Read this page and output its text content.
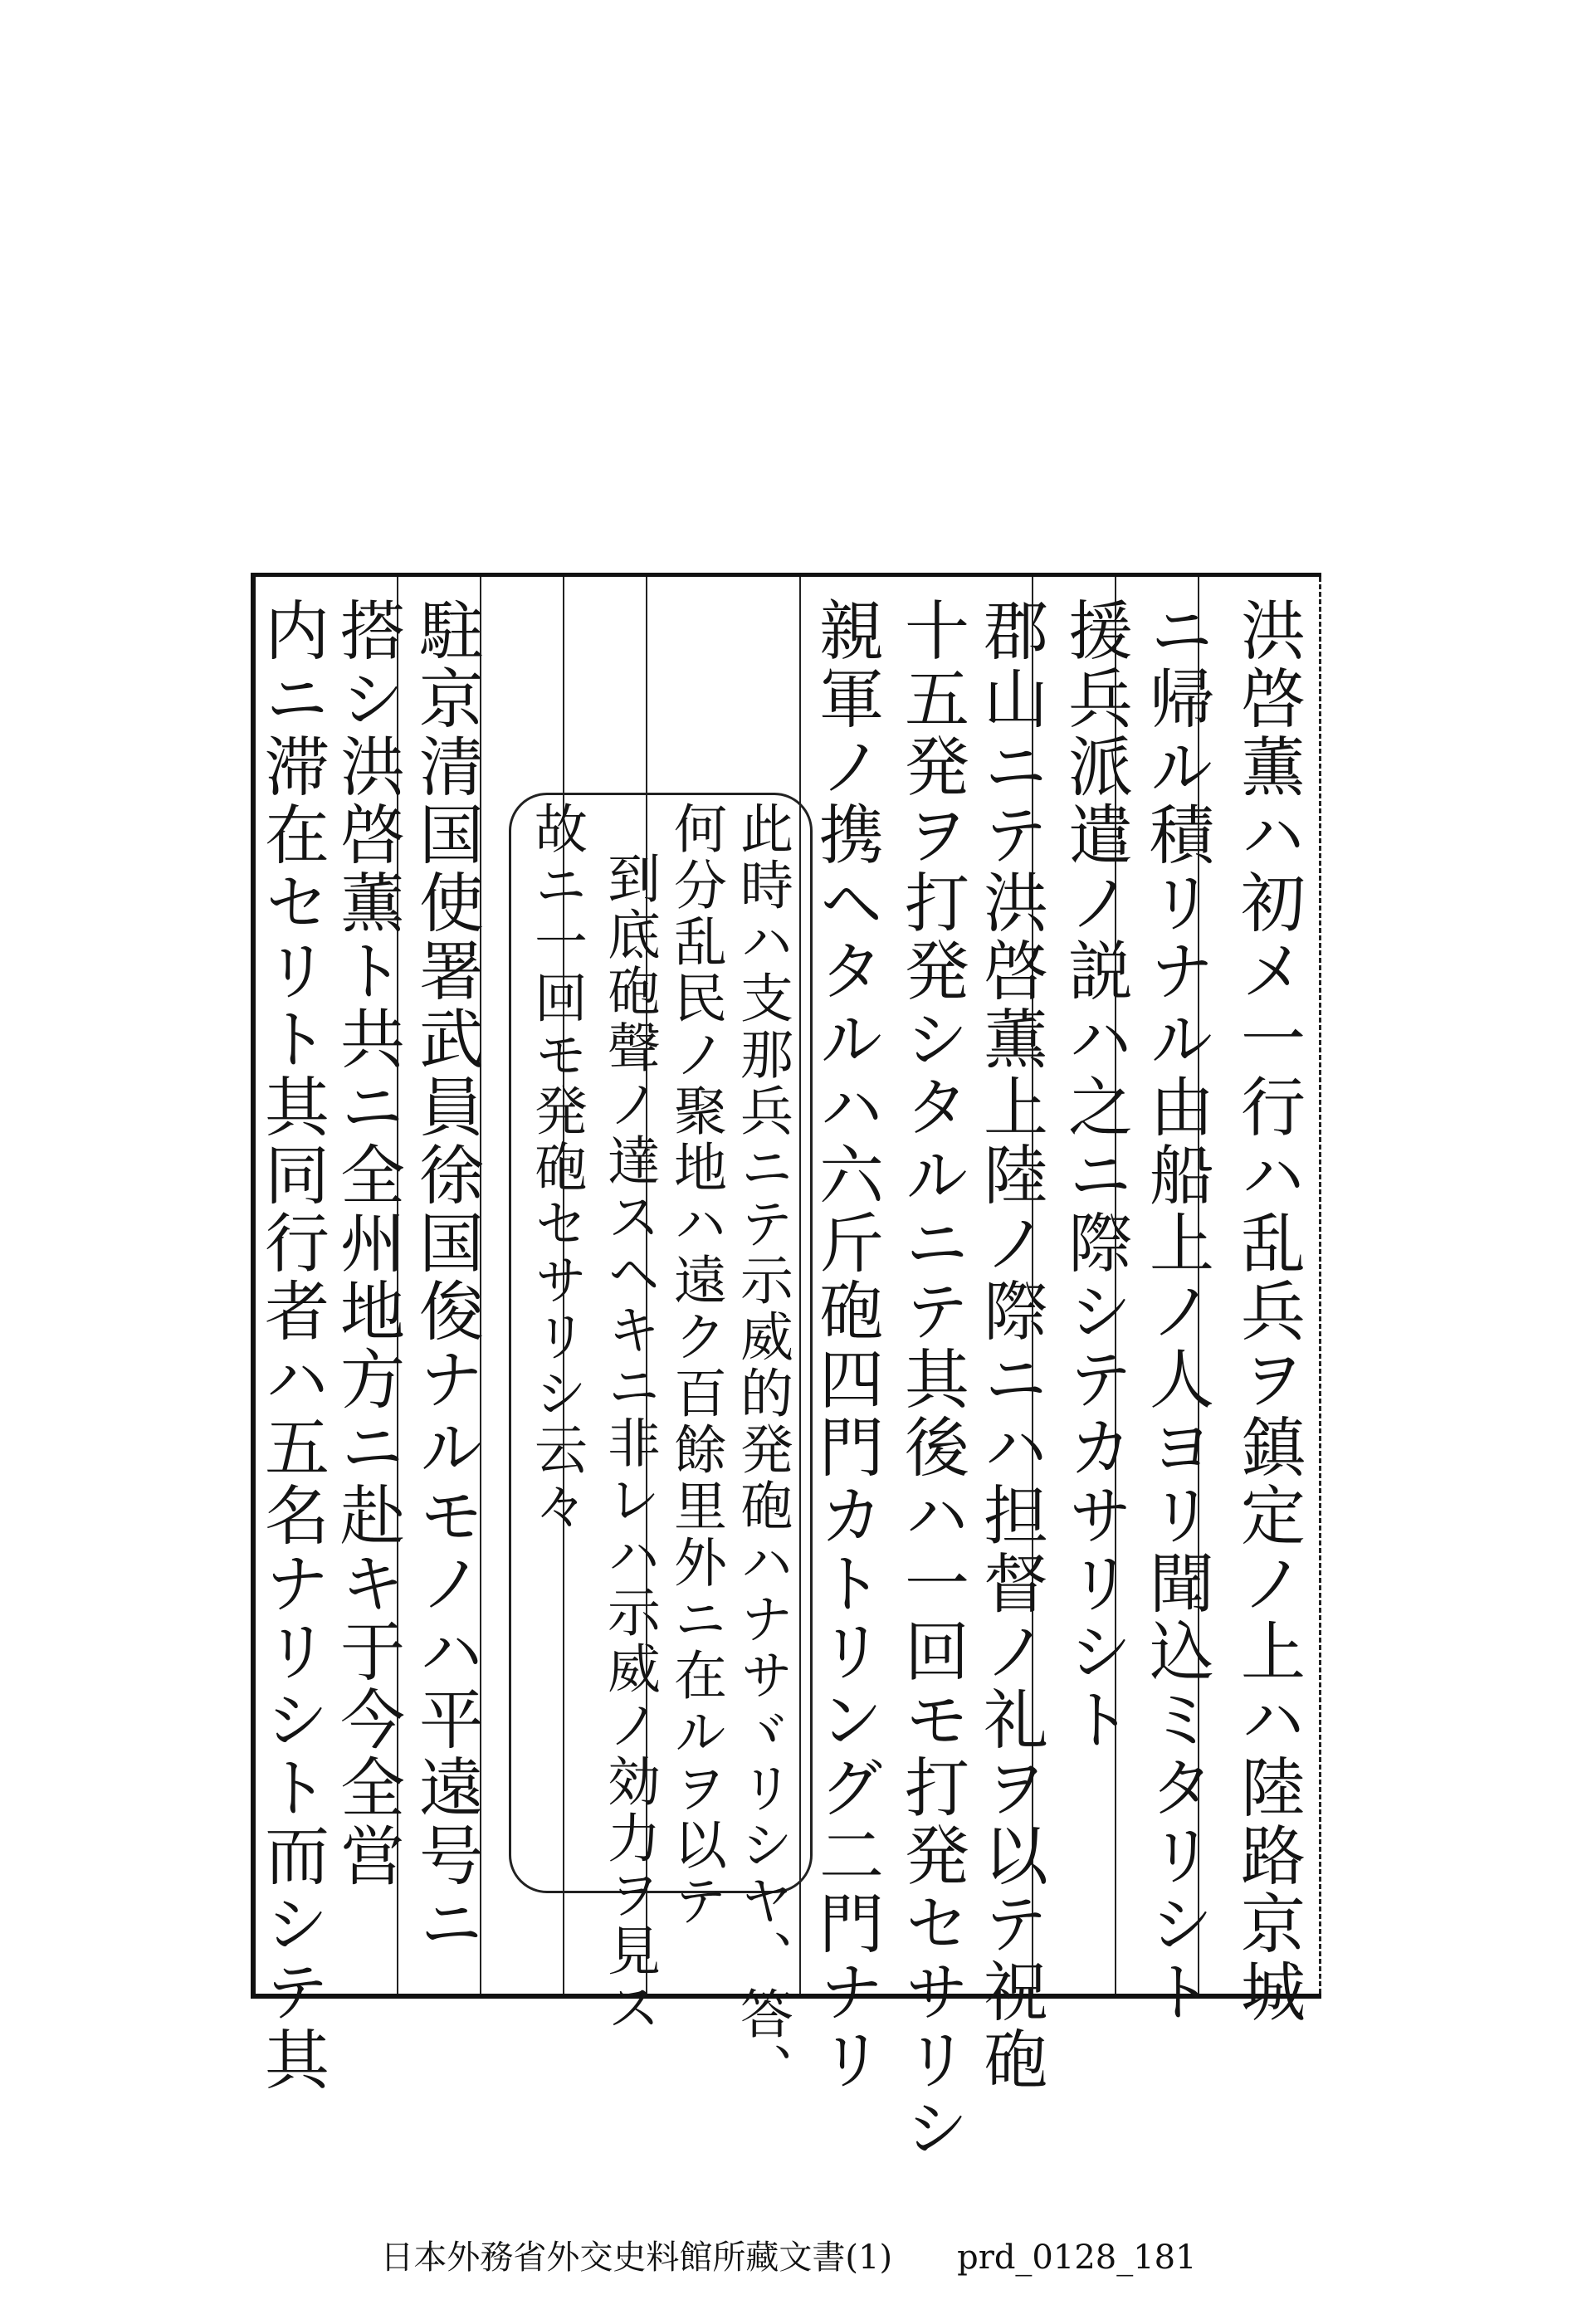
洪啓薫ハ初メ一行ハ乱兵ヲ鎮定ノ上ハ陸路京城
ニ帰ル積リナル由船上ノ人ヨリ聞込ミタリシト
援兵派遣ノ説ハ之ニ際シテカサリシト
郡山ニテ洪啓薫上陸ノ際ニハ担督ノ礼ヲ以テ祝砲
十五発ヲ打発シタルニテ其後ハ一回モ打発セサリシ
親軍ノ携ヘタルハ六斤砲四門カトリング二門ナリ
此時ハ支那兵ニテ示威的発砲ハナサヾリシヤ、答、
何分乱民ノ聚地ハ遠ク百餘里外ニ在ルヲ以テ
到底砲聲ノ達スヘキニ非レハ示威ノ効力ヲ見ス
故ニ一回モ発砲セサリシ云々
駐京清国使署武員徐国俊ナルモノハ平遠号ニ
搭シ洪啓薫ト共ニ全州地方ニ赴キ于今全営
内ニ滞在セリト其同行者ハ五名ナリシト而シテ其
日本外務省外交史料館所藏文書(1) prd_0128_181
